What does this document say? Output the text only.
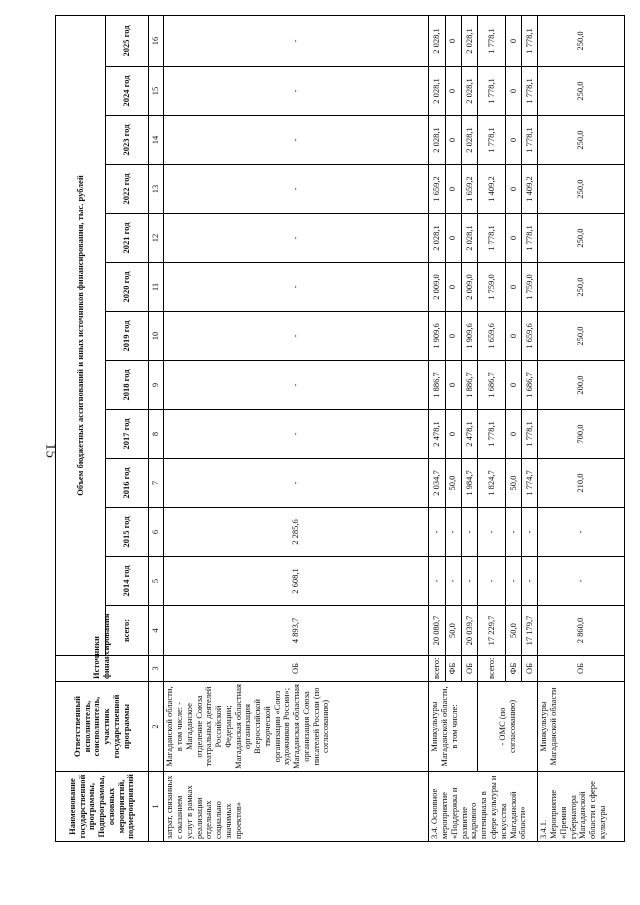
15
Наименование государственной программы, Подпрограммы, основных мероприятий, подмероприятий	Ответственный исполнитель, соисполнитель, участник государственной программы	Источники финансирования	Объем бюджетных ассигнований и иных источников финансирования, тыс. рублей												
			всего:	2014 год	2015 год	2016 год	2017 год	2018 год	2019 год	2020 год	2021 год	2022 год	2023 год	2024 год	2025 год
1	2	3	4	5	6	7	8	9	10	11	12	13	14	15	16
затрат, связанных с оказанием услуг в рамках реализации отдельных социально значимых проектов»	Магаданской области, в том числе: - Магаданское отделение Союза театральных деятелей Российской Федерации; Магаданская областная организация Всероссийской творческой организации «Союз художников России»; Магаданская областная организация Союза писателей России (по согласованию)	ОБ	4 893,7	2 608,1	2 285,6	-	-	-	-	-	-	-	-	-	-
3.4. Основное мероприятие «Поддержка и развитие кадрового потенциала в сфере культуры и искусства Магаданской области»	Минкультуры Магаданской области, в том числе:	всего:	20 080,7	-	-	2 034,7	2 478,1	1 886,7	1 909,6	2 009,0	2 028,1	1 659,2	2 028,1	2 028,1	2 028,1
		ФБ	50,0	-	-	50,0	0	0	0	0	0	0	0	0	0
		ОБ	20 039,7	-	-	1 984,7	2 478,1	1 886,7	1 909,6	2 009,0	2 028,1	1 659,2	2 028,1	2 028,1	2 028,1
	- ОМС (по согласованию)	всего:	17 229,7	-	-	1 824,7	1 778,1	1 686,7	1 659,6	1 759,0	1 778,1	1 409,2	1 778,1	1 778,1	1 778,1
		ФБ	50,0	-	-	50,0	0	0	0	0	0	0	0	0	0
		ОБ	17 179,7	-	-	1 774,7	1 778,1	1 686,7	1 659,6	1 759,0	1 778,1	1 409,2	1 778,1	1 778,1	1 778,1
3.4.1. Мероприятие «Премия губернатора Магаданской области в сфере культуры	Минкультуры Магаданской области	ОБ	2 860,0	-	-	210,0	700,0	200,0	250,0	250,0	250,0	250,0	250,0	250,0	250,0
